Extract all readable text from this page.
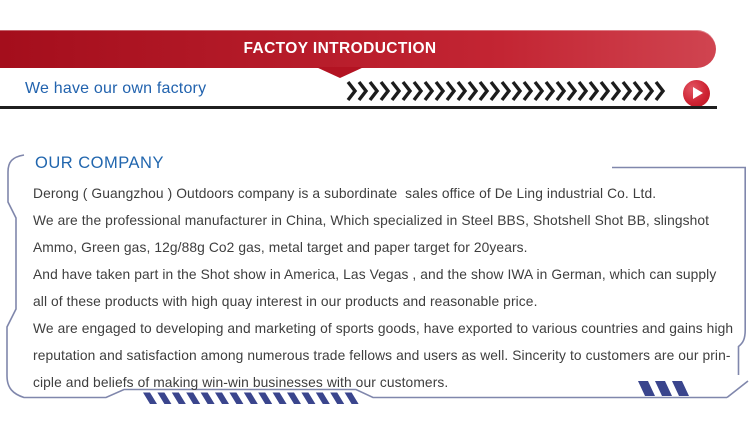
FACTOY INTRODUCTION
We have our own factory
OUR COMPANY
Derong ( Guangzhou ) Outdoors company is a subordinate  sales office of De Ling industrial Co. Ltd.
We are the professional manufacturer in China, Which specialized in Steel BBS, Shotshell Shot BB, slingshot
Ammo, Green gas, 12g/88g Co2 gas, metal target and paper target for 20years.
And have taken part in the Shot show in America, Las Vegas , and the show IWA in German, which can supply
all of these products with high quay interest in our products and reasonable price.
We are engaged to developing and marketing of sports goods, have exported to various countries and gains high
reputation and satisfaction among numerous trade fellows and users as well. Sincerity to customers are our prin-
ciple and beliefs of making win-win businesses with our customers.
